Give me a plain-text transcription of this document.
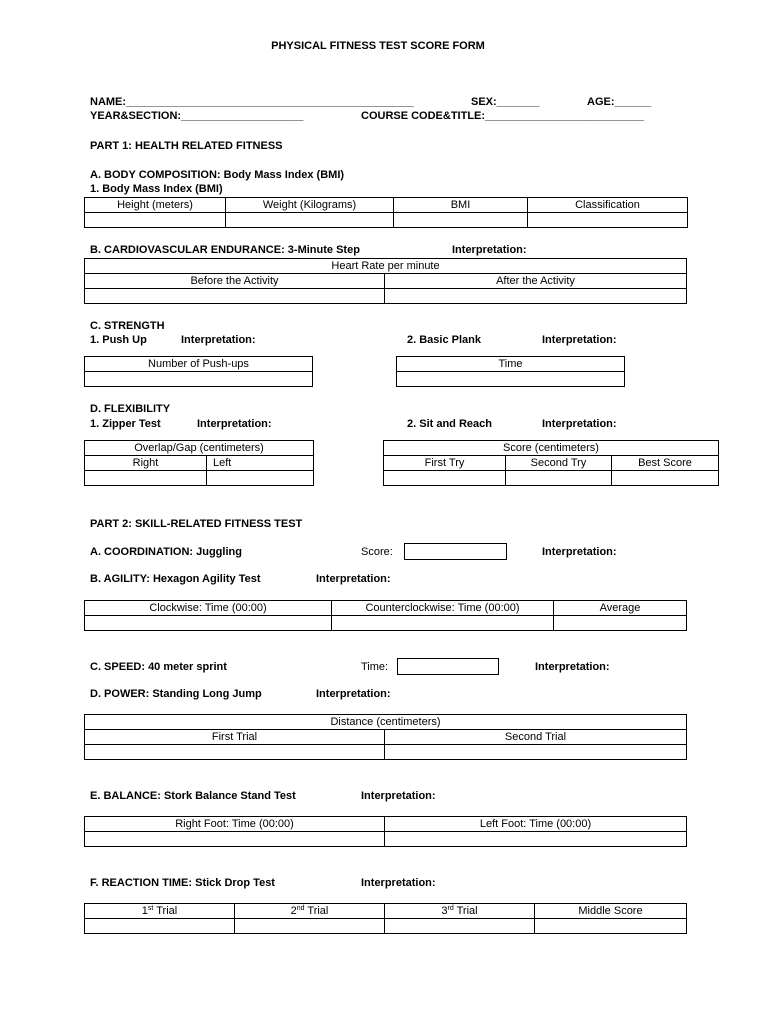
PHYSICAL FITNESS TEST SCORE FORM
NAME:_______________________________________________	SEX:_______	AGE:______
YEAR&SECTION:____________________	COURSE CODE&TITLE:__________________________
PART 1: HEALTH RELATED FITNESS
A. BODY COMPOSITION: Body Mass Index (BMI)
1. Body Mass Index (BMI)
Height (meters)	Weight (Kilograms)	BMI	Classification

B. CARDIOVASCULAR ENDURANCE: 3-Minute Step	Interpretation:
Heart Rate per minute	
Before the Activity	After the Activity

C. STRENGTH
1. Push Up	Interpretation:	2. Basic Plank	Interpretation:
Number of Push-ups	Time

D. FLEXIBILITY
1. Zipper Test	Interpretation:	2. Sit and Reach	Interpretation:
Overlap/Gap (centimeters)	
Right	Left

Score (centimeters)		
First Try	Second Try	Best Score

PART 2: SKILL-RELATED FITNESS TEST
A. COORDINATION: Juggling	Score:	Interpretation:
B. AGILITY: Hexagon Agility Test	Interpretation:
Clockwise: Time (00:00)	Counterclockwise: Time (00:00)	Average

C. SPEED: 40 meter sprint	Time:	Interpretation:
D. POWER: Standing Long Jump	Interpretation:
Distance (centimeters)	
First Trial	Second Trial

E. BALANCE: Stork Balance Stand Test	Interpretation:
Right Foot: Time (00:00)	Left Foot: Time (00:00)

F. REACTION TIME: Stick Drop Test	Interpretation:
1st Trial	2nd Trial	3rd Trial	Middle Score
